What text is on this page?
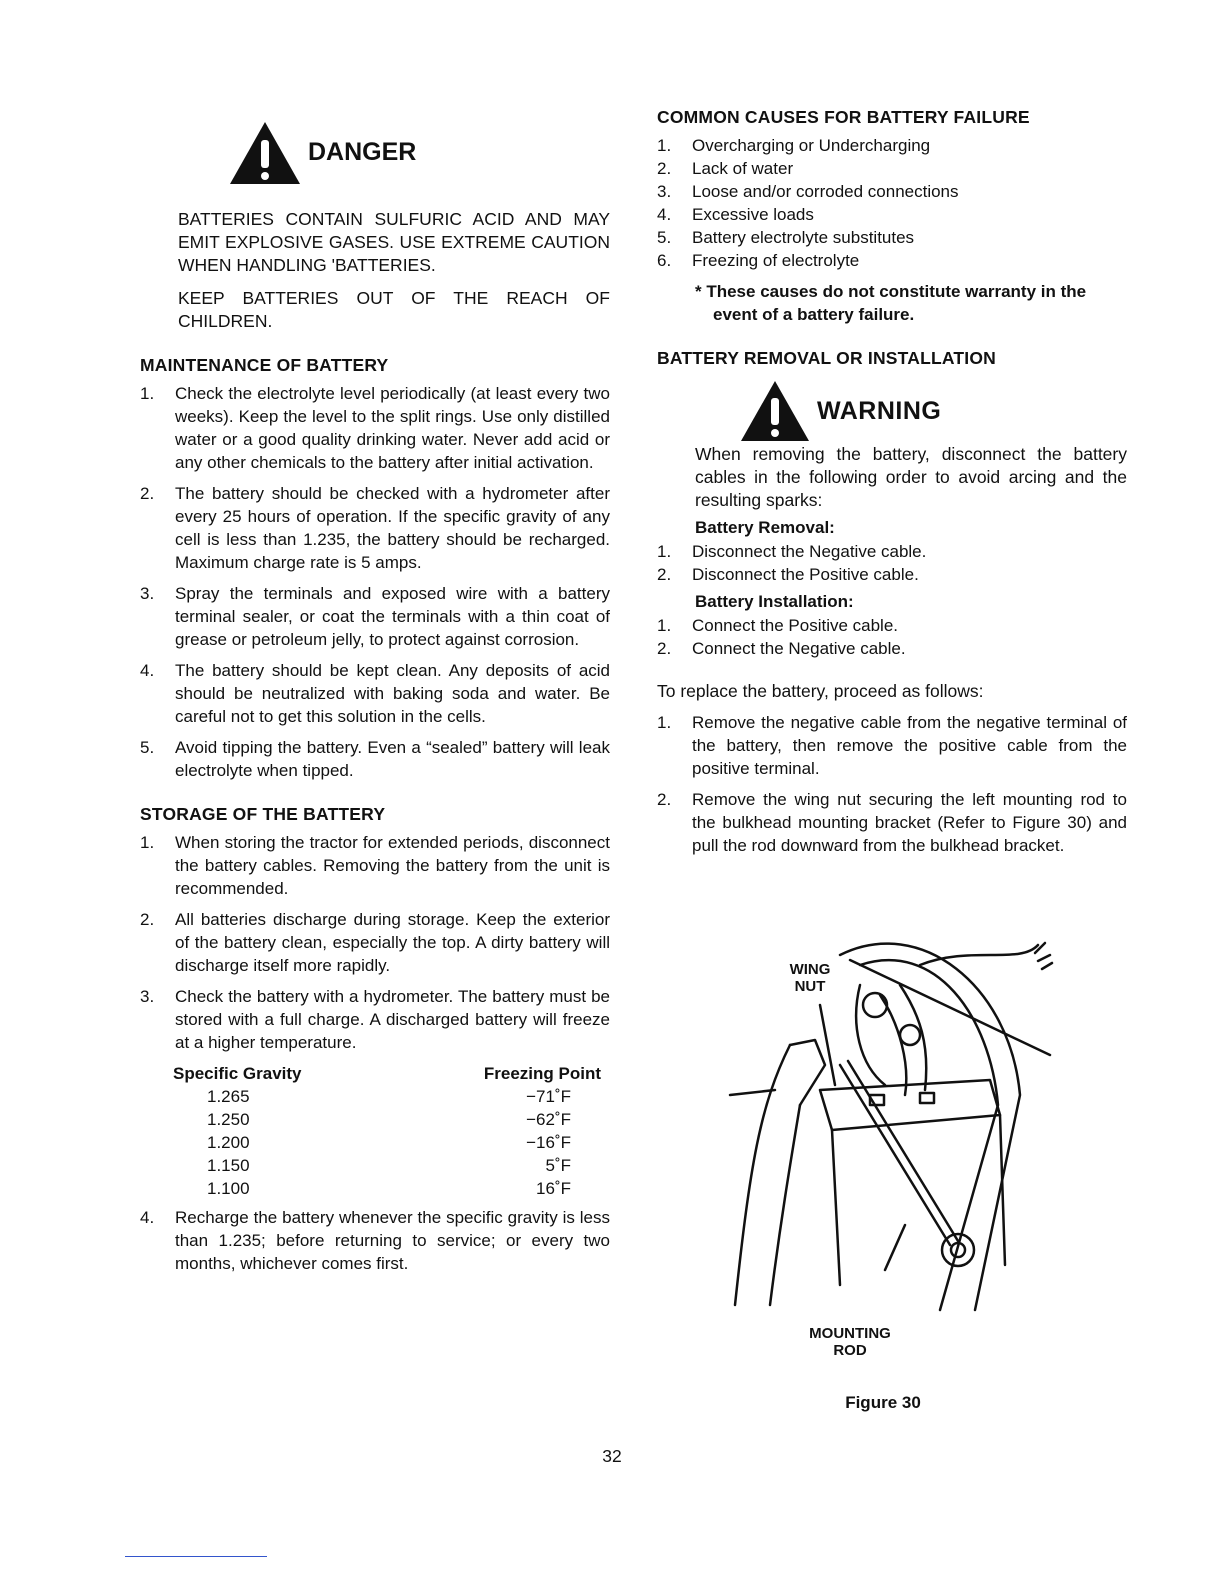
DANGER

BATTERIES CONTAIN SULFURIC ACID AND MAY EMIT EXPLOSIVE GASES. USE EXTREME CAUTION WHEN HANDLING 'BATTERIES.

KEEP BATTERIES OUT OF THE REACH OF CHILDREN.

MAINTENANCE OF BATTERY
1. Check the electrolyte level periodically (at least every two weeks). Keep the level to the split rings. Use only distilled water or a good quality drinking water. Never add acid or any other chemicals to the battery after initial activation.
2. The battery should be checked with a hydrometer after every 25 hours of operation. If the specific gravity of any cell is less than 1.235, the battery should be recharged. Maximum charge rate is 5 amps.
3. Spray the terminals and exposed wire with a battery terminal sealer, or coat the terminals with a thin coat of grease or petroleum jelly, to protect against corrosion.
4. The battery should be kept clean. Any deposits of acid should be neutralized with baking soda and water. Be careful not to get this solution in the cells.
5. Avoid tipping the battery. Even a “sealed” battery will leak electrolyte when tipped.
STORAGE OF THE BATTERY
1. When storing the tractor for extended periods, disconnect the battery cables. Removing the battery from the unit is recommended.
2. All batteries discharge during storage. Keep the exterior of the battery clean, especially the top. A dirty battery will discharge itself more rapidly.
3. Check the battery with a hydrometer. The battery must be stored with a full charge. A discharged battery will freeze at a higher temperature.
Specific Gravity	Freezing Point
1.265	−71˚F
1.250	−62˚F
1.200	−16˚F
1.150	5˚F
1.100	16˚F
4. Recharge the battery whenever the specific gravity is less than 1.235; before returning to service; or every two months, whichever comes first.
COMMON CAUSES FOR BATTERY FAILURE
1. Overcharging or Undercharging
2. Lack of water
3. Loose and/or corroded connections
4. Excessive loads
5. Battery electrolyte substitutes
6. Freezing of electrolyte
* These causes do not constitute warranty in the event of a battery failure.
BATTERY REMOVAL OR INSTALLATION
WARNING

When removing the battery, disconnect the battery cables in the following order to avoid arcing and the resulting sparks:

Battery Removal:
1. Disconnect the Negative cable.
2. Disconnect the Positive cable.
Battery Installation:
1. Connect the Positive cable.
2. Connect the Negative cable.
To replace the battery, proceed as follows:
1. Remove the negative cable from the negative terminal of the battery, then remove the positive cable from the positive terminal.
2. Remove the wing nut securing the left mounting rod to the bulkhead mounting bracket (Refer to Figure 30) and pull the rod downward from the bulkhead bracket.
WING
NUT
MOUNTING
ROD
Figure 30
32
